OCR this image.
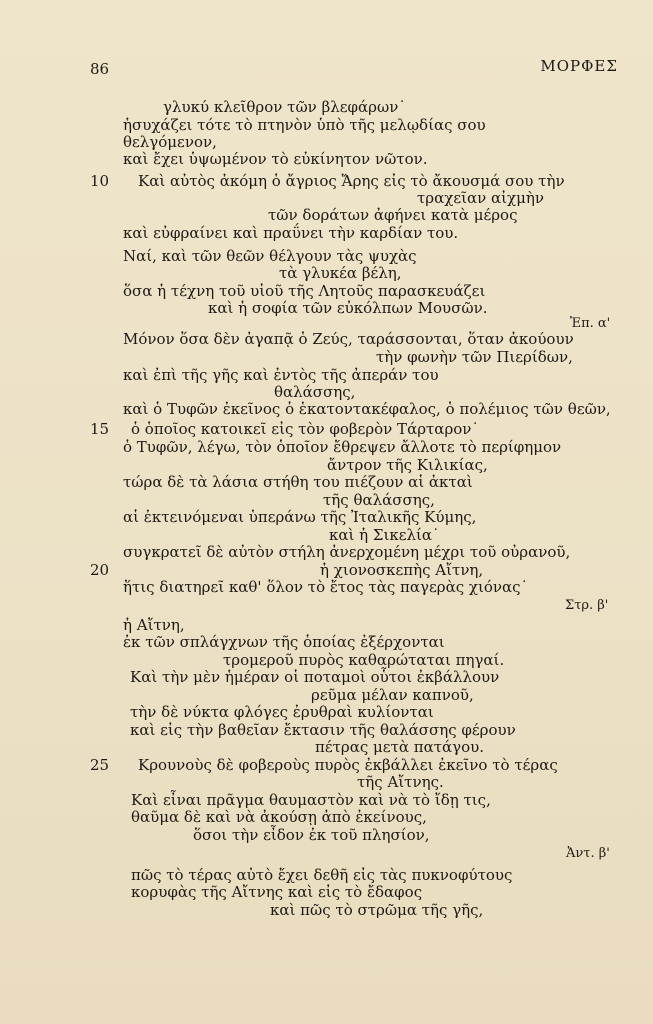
86	ΜΟΡΦΕΣ
γλυκύ κλεῖθρον τῶν βλεφάρων˙
ἡσυχάζει τότε τὸ πτηνὸν ὑπὸ τῆς μελῳδίας σου
θελγόμενον,
καὶ ἔχει ὑψωμένον τὸ εὐκίνητον νῶτον.
10 Καὶ αὐτὸς ἀκόμη ὁ ἄγριος Ἄρης εἰς τὸ ἄκουσμά σου τὴν
τραχεῖαν αἰχμὴν
τῶν δοράτων ἀφήνει κατὰ μέρος
καὶ εὐφραίνει καὶ πραΰνει τὴν καρδίαν του.
Ναί, καὶ τῶν θεῶν θέλγουν τὰς ψυχὰς
τὰ γλυκέα βέλη,
ὅσα ἡ τέχνη τοῦ υἱοῦ τῆς Λητοῦς παρασκευάζει
καὶ ἡ σοφία τῶν εὐκόλπων Μουσῶν.
Ἐπ. α'
Μόνον ὅσα δὲν ἀγαπᾷ ὁ Ζεύς, ταράσσονται, ὅταν ἀκούουν
τὴν φωνὴν τῶν Πιερίδων,
καὶ ἐπὶ τῆς γῆς καὶ ἐντὸς τῆς ἀπεράν του
θαλάσσης,
καὶ ὁ Τυφῶν ἐκεῖνος ὁ ἑκατοντακέφαλος, ὁ πολέμιος τῶν θεῶν,
15 ὁ ὁποῖος κατοικεῖ εἰς τὸν φοβερὸν Τάρταρον˙
ὁ Τυφῶν, λέγω, τὸν ὁποῖον ἔθρεψεν ἄλλοτε τὸ περίφημον
ἄντρον τῆς Κιλικίας,
τώρα δὲ τὰ λάσια στήθη του πιέζουν αἱ ἀκταὶ
τῆς θαλάσσης,
αἱ ἐκτεινόμεναι ὑπεράνω τῆς Ἰταλικῆς Κύμης,
καὶ ἡ Σικελία˙
συγκρατεῖ δὲ αὐτὸν στήλη ἀνερχομένη μέχρι τοῦ οὐρανοῦ,
20	ἡ χιονοσκεπὴς Αἴτνη,
ἥτις διατηρεῖ καθ' ὅλον τὸ ἔτος τὰς παγερὰς χιόνας˙
Στρ. β'
ἡ Αἴτνη,
ἐκ τῶν σπλάγχνων τῆς ὁποίας ἐξέρχονται
τρομεροῦ πυρὸς καθαρώταται πηγαί.
Καὶ τὴν μὲν ἡμέραν οἱ ποταμοὶ οὗτοι ἐκβάλλουν
ρεῦμα μέλαν καπνοῦ,
τὴν δὲ νύκτα φλόγες ἐρυθραὶ κυλίονται
καὶ εἰς τὴν βαθεῖαν ἔκτασιν τῆς θαλάσσης φέρουν
πέτρας μετὰ πατάγου.
25 Κρουνοὺς δὲ φοβεροὺς πυρὸς ἐκβάλλει ἐκεῖνο τὸ τέρας
τῆς Αἴτνης.
Καὶ εἶναι πρᾶγμα θαυμαστὸν καὶ νὰ τὸ ἴδῃ τις,
θαῦμα δὲ καὶ νὰ ἀκούσῃ ἀπὸ ἐκείνους,
ὅσοι τὴν εἶδον ἐκ τοῦ πλησίον,
Ἀντ. β'
πῶς τὸ τέρας αὐτὸ ἔχει δεθῆ εἰς τὰς πυκνοφύτους
κορυφὰς τῆς Αἴτνης καὶ εἰς τὸ ἔδαφος
καὶ πῶς τὸ στρῶμα τῆς γῆς,
